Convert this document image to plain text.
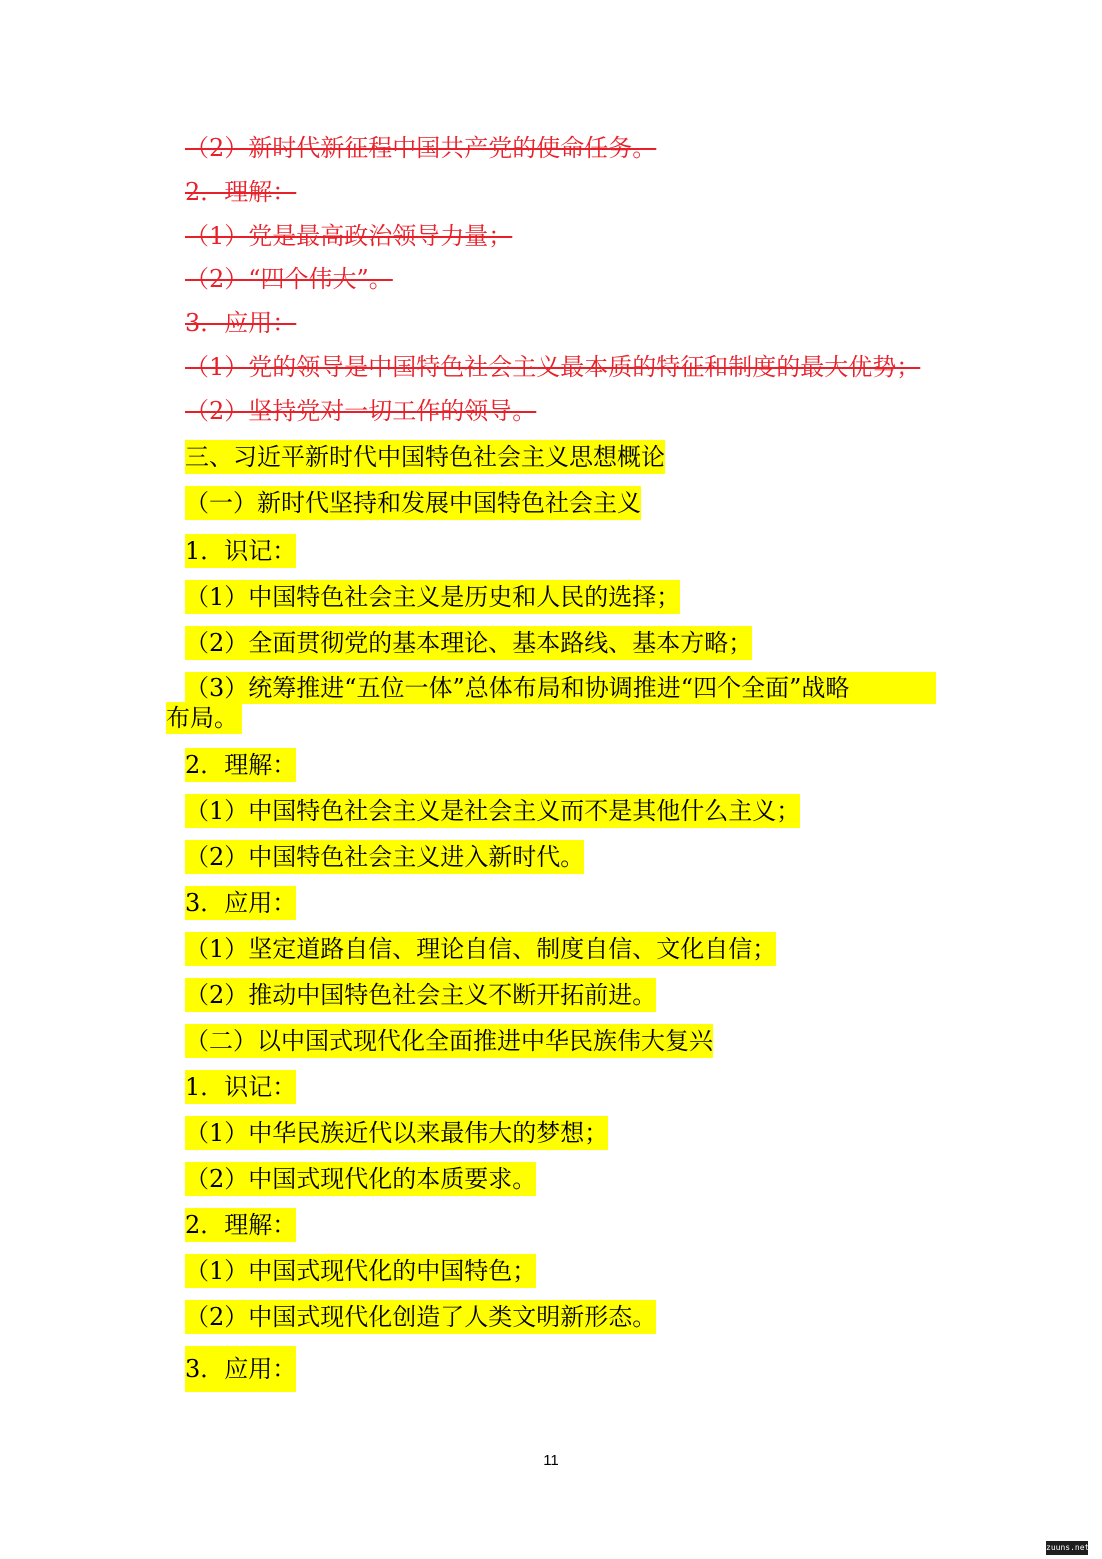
（2）新时代新征程中国共产党的使命任务。
2．理解：
（1）党是最高政治领导力量；
（2）“四个伟大”。
3．应用：
（1）党的领导是中国特色社会主义最本质的特征和制度的最大优势；
（2）坚持党对一切工作的领导。
三、习近平新时代中国特色社会主义思想概论
（一）新时代坚持和发展中国特色社会主义
1．识记：
（1）中国特色社会主义是历史和人民的选择；
（2）全面贯彻党的基本理论、基本路线、基本方略；
（3）统筹推进“五位一体”总体布局和协调推进“四个全面”战略
布局。
2．理解：
（1）中国特色社会主义是社会主义而不是其他什么主义；
（2）中国特色社会主义进入新时代。
3．应用：
（1）坚定道路自信、理论自信、制度自信、文化自信；
（2）推动中国特色社会主义不断开拓前进。
（二）以中国式现代化全面推进中华民族伟大复兴
1．识记：
（1）中华民族近代以来最伟大的梦想；
（2）中国式现代化的本质要求。
2．理解：
（1）中国式现代化的中国特色；
（2）中国式现代化创造了人类文明新形态。
3．应用：
11
zuuns.net
